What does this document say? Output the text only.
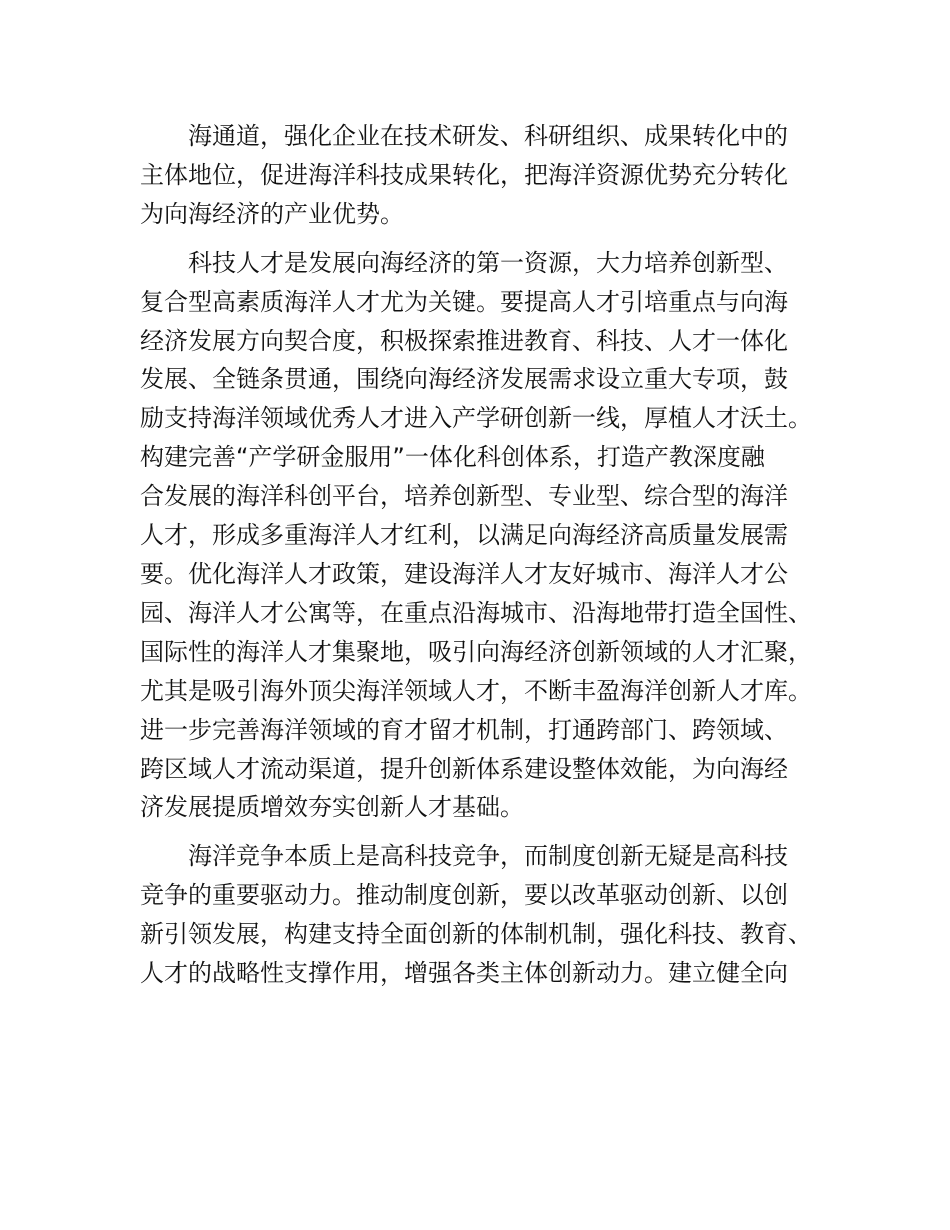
海通道，强化企业在技术研发、科研组织、成果转化中的
主体地位，促进海洋科技成果转化，把海洋资源优势充分转化
为向海经济的产业优势。

科技人才是发展向海经济的第一资源，大力培养创新型、
复合型高素质海洋人才尤为关键。要提高人才引培重点与向海
经济发展方向契合度，积极探索推进教育、科技、人才一体化
发展、全链条贯通，围绕向海经济发展需求设立重大专项，鼓
励支持海洋领域优秀人才进入产学研创新一线，厚植人才沃土。
构建完善“产学研金服用”一体化科创体系，打造产教深度融
合发展的海洋科创平台，培养创新型、专业型、综合型的海洋
人才，形成多重海洋人才红利，以满足向海经济高质量发展需
要。优化海洋人才政策，建设海洋人才友好城市、海洋人才公
园、海洋人才公寓等，在重点沿海城市、沿海地带打造全国性、
国际性的海洋人才集聚地，吸引向海经济创新领域的人才汇聚，
尤其是吸引海外顶尖海洋领域人才，不断丰盈海洋创新人才库。
进一步完善海洋领域的育才留才机制，打通跨部门、跨领域、
跨区域人才流动渠道，提升创新体系建设整体效能，为向海经
济发展提质增效夯实创新人才基础。

海洋竞争本质上是高科技竞争，而制度创新无疑是高科技
竞争的重要驱动力。推动制度创新，要以改革驱动创新、以创
新引领发展，构建支持全面创新的体制机制，强化科技、教育、
人才的战略性支撑作用，增强各类主体创新动力。建立健全向
